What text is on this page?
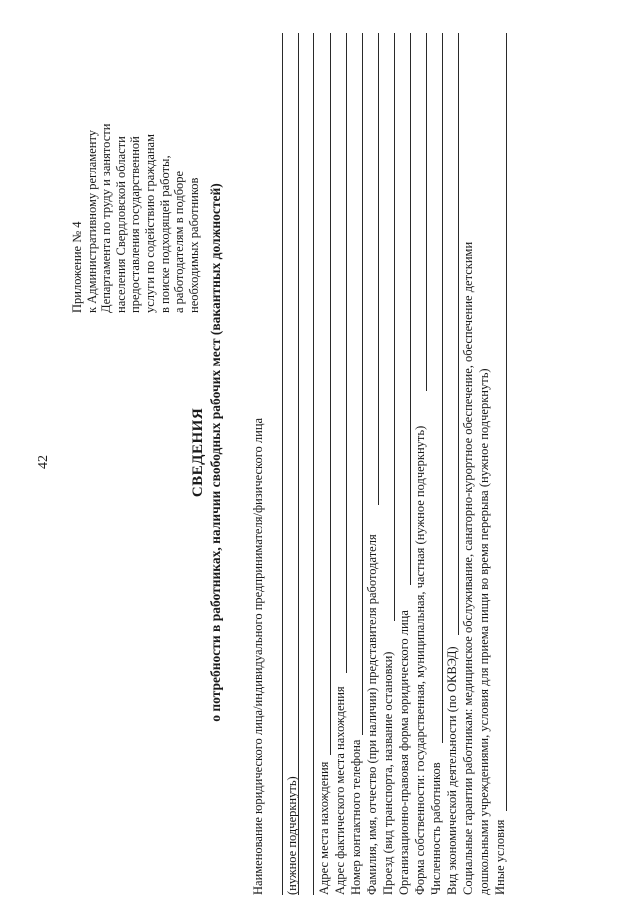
42
Приложение № 4 к Административному регламенту Департамента по труду и занятости населения Свердловской области предоставления государственной услуги по содействию гражданам в поиске подходящей работы, а работодателям в подборе необходимых работников
СВЕДЕНИЯ о потребности в работниках, наличии свободных рабочих мест (вакантных должностей) Наименование юридического лица/индивидуального предпринимателя/физического лица (нужное подчеркнуть) Адрес места нахождения Адрес фактического места нахождения Номер контактного телефона Фамилия, имя, отчество (при наличии) представителя работодателя Проезд (вид транспорта, название остановки) Организационно-правовая форма юридического лица Форма собственности: государственная, муниципальная, частная (нужное подчеркнуть) Численность работников Вид экономической деятельности (по ОКВЭД) Социальные гарантии работникам: медицинское обслуживание, санаторно-курортное обеспечение, обеспечение детскими дошкольными учреждениями, условия для приема пищи во время перерыва (нужное подчеркнуть) Иные условия
